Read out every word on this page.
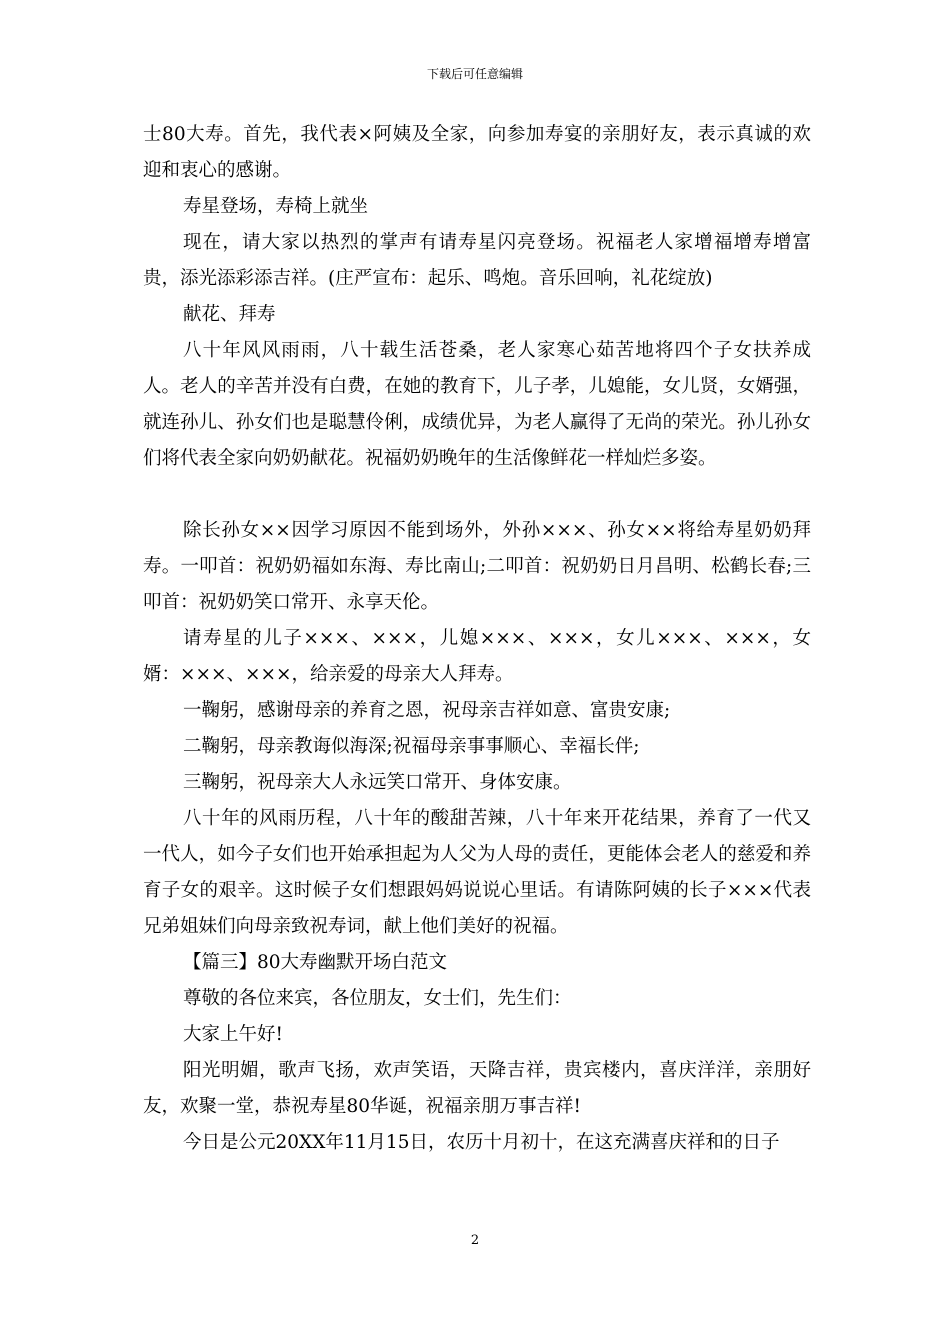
下载后可任意编辑

士80大寿。首先，我代表×阿姨及全家，向参加寿宴的亲朋好友，表示真诚的欢迎和衷心的感谢。

寿星登场，寿椅上就坐

现在，请大家以热烈的掌声有请寿星闪亮登场。祝福老人家增福增寿增富贵，添光添彩添吉祥。(庄严宣布：起乐、鸣炮。音乐回响，礼花绽放)

献花、拜寿

八十年风风雨雨，八十载生活苍桑，老人家寒心茹苦地将四个子女扶养成人。老人的辛苦并没有白费，在她的教育下，儿子孝，儿媳能，女儿贤，女婿强，就连孙儿、孙女们也是聪慧伶俐，成绩优异，为老人赢得了无尚的荣光。孙儿孙女们将代表全家向奶奶献花。祝福奶奶晚年的生活像鲜花一样灿烂多姿。

除长孙女××因学习原因不能到场外，外孙×××、孙女××将给寿星奶奶拜寿。一叩首：祝奶奶福如东海、寿比南山;二叩首：祝奶奶日月昌明、松鹤长春;三叩首：祝奶奶笑口常开、永享天伦。

请寿星的儿子×××、×××，儿媳×××、×××，女儿×××、×××，女婿：×××、×××，给亲爱的母亲大人拜寿。

一鞠躬，感谢母亲的养育之恩，祝母亲吉祥如意、富贵安康;

二鞠躬，母亲教诲似海深;祝福母亲事事顺心、幸福长伴;

三鞠躬，祝母亲大人永远笑口常开、身体安康。

八十年的风雨历程，八十年的酸甜苦辣，八十年来开花结果，养育了一代又一代人，如今子女们也开始承担起为人父为人母的责任，更能体会老人的慈爱和养育子女的艰辛。这时候子女们想跟妈妈说说心里话。有请陈阿姨的长子×××代表兄弟姐妹们向母亲致祝寿词，献上他们美好的祝福。

【篇三】80大寿幽默开场白范文

尊敬的各位来宾，各位朋友，女士们，先生们：

大家上午好!

阳光明媚，歌声飞扬，欢声笑语，天降吉祥，贵宾楼内，喜庆洋洋，亲朋好友，欢聚一堂，恭祝寿星80华诞，祝福亲朋万事吉祥!

今日是公元20XX年11月15日，农历十月初十，在这充满喜庆祥和的日子

2
